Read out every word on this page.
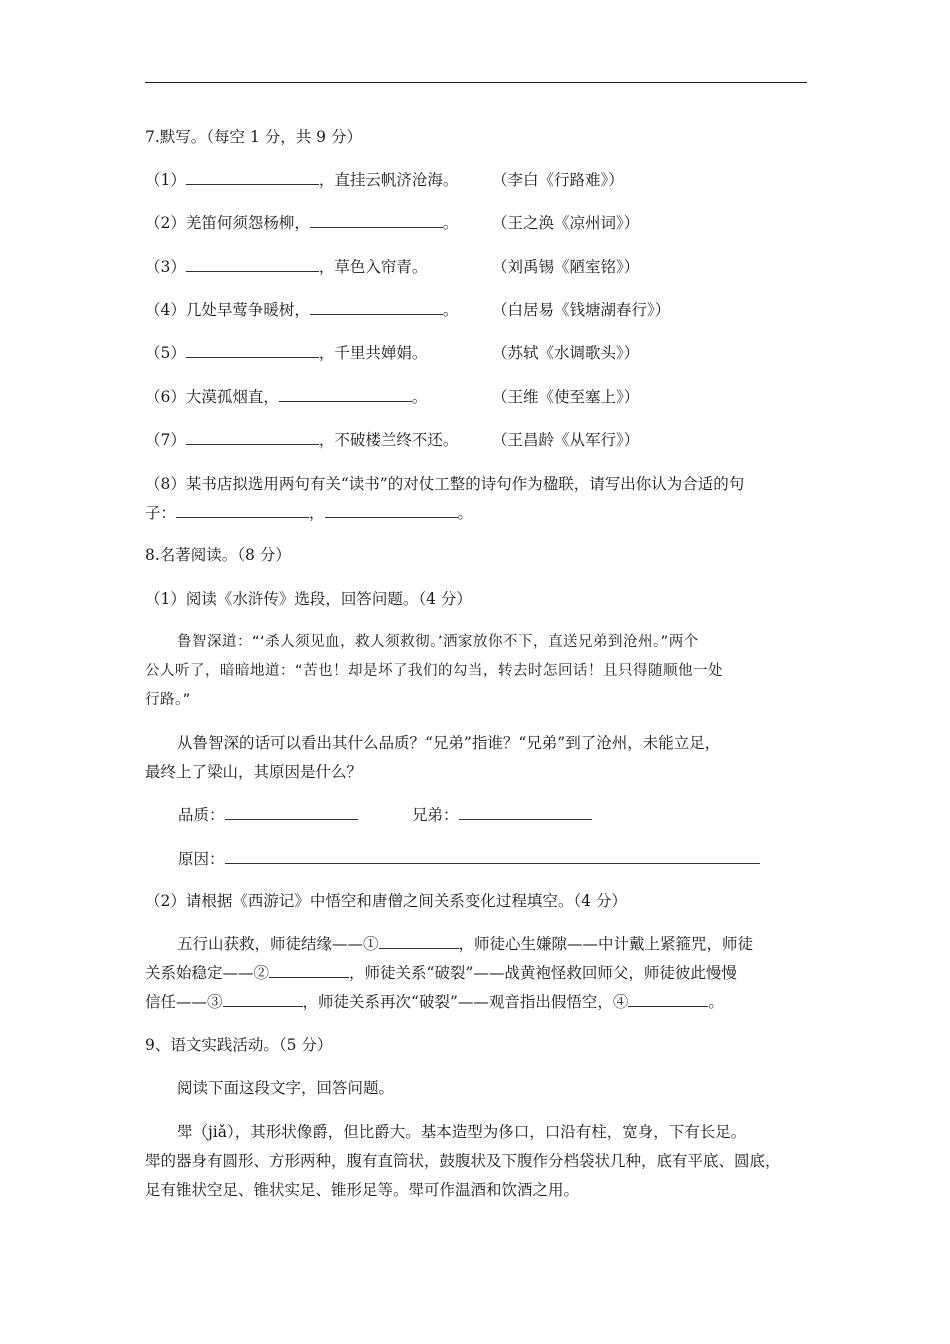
7.默写。（每空 1 分，共 9 分）
（1）	，直挂云帆济沧海。 （李白《行路难》）
（2）羌笛何须怨杨柳，	。 （王之涣《凉州词》）
（3）	，草色入帘青。	（刘禹锡《陋室铭》）
（4）几处早莺争暖树，	。 （白居易《钱塘湖春行》）
（5）	，千里共婵娟。	（苏轼《水调歌头》）
（6）大漠孤烟直，	。	（王维《使至塞上》）
（7）	，不破楼兰终不还。 （王昌龄《从军行》）
（8）某书店拟选用两句有关“读书”的对仗工整的诗句作为楹联，请写出你认为合适的句
子：	，	。
8.名著阅读。（8 分）
（1）阅读《水浒传》选段，回答问题。（4 分）
鲁智深道：“‘杀人须见血，救人须救彻。’洒家放你不下，直送兄弟到沧州。”两个
公人听了，暗暗地道：“苦也！却是坏了我们的勾当，转去时怎回话！且只得随顺他一处
行路。”
从鲁智深的话可以看出其什么品质？“兄弟”指谁？“兄弟”到了沧州，未能立足，
最终上了梁山，其原因是什么？
品质：	兄弟：
原因：
（2）请根据《西游记》中悟空和唐僧之间关系变化过程填空。（4 分）
五行山获救，师徒结缘——①	，师徒心生嫌隙——中计戴上紧箍咒，师徒
关系始稳定——②	，师徒关系“破裂”——战黄袍怪救回师父，师徒彼此慢慢
信任——③	，师徒关系再次“破裂”——观音指出假悟空，④	。
9、语文实践活动。（5 分）
阅读下面这段文字，回答问题。
斝（jiǎ），其形状像爵，但比爵大。基本造型为侈口，口沿有柱，宽身，下有长足。
斝的器身有圆形、方形两种，腹有直筒状，鼓腹状及下腹作分档袋状几种，底有平底、圆底，
足有锥状空足、锥状实足、锥形足等。斝可作温酒和饮酒之用。
